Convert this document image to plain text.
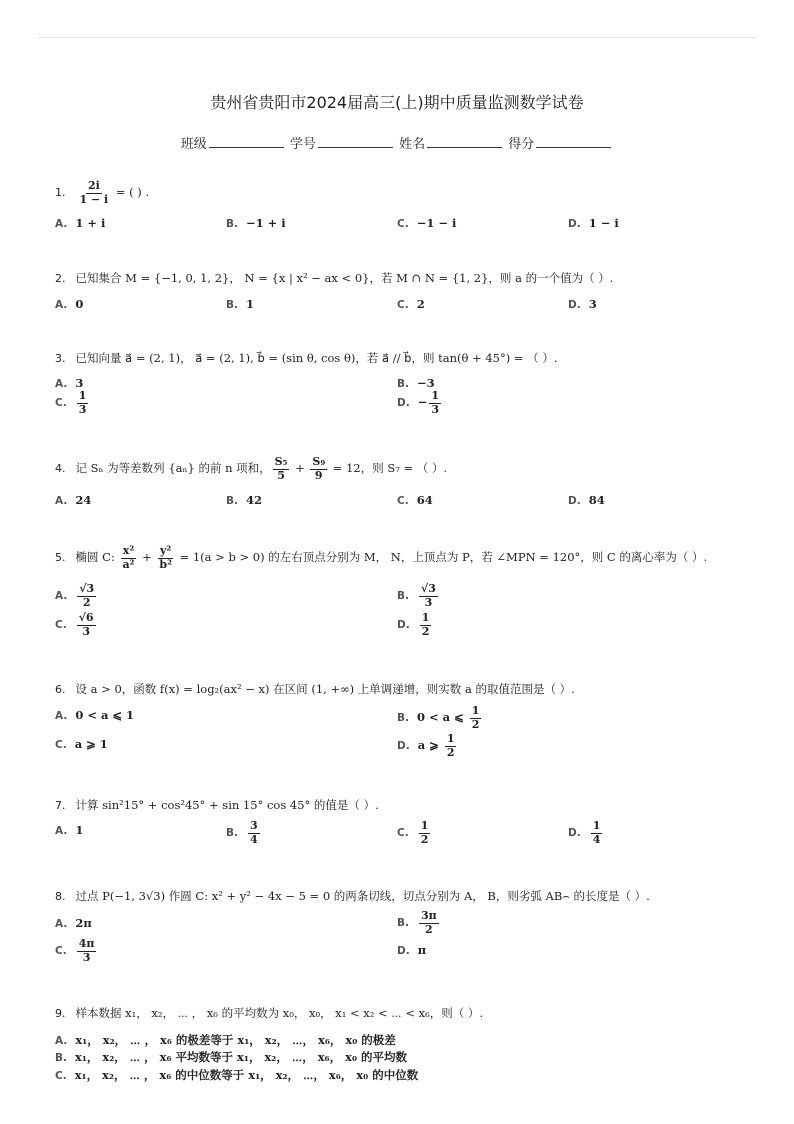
贵州省贵阳市2024届高三(上)期中质量监测数学试卷
班级	学号	姓名	得分
1. $\frac{2i}{1 - i}$ = ( ) .
A. 1 + i	B. −1 + i	C. −1 − i	D. 1 − i
2. 已知集合 M = {−1, 0, 1, 2}， N = {x | x² − ax < 0}，若 M ∩ N = {1, 2}，则 a 的一个值为（ ）.
A. 0	B. 1	C. 2	D. 3
3. 已知向量 a⃗ = (2, 1)， a⃗ = (2, 1), b⃗ = (sin θ, cos θ)，若 a⃗ // b⃗，则 tan(θ + 45°) = （ ）.
A. 3	B. −3
C. $\frac{1}{3}$	D. − $\frac{1}{3}$
4. 记 Sₙ 为等差数列 {aₙ} 的前 n 项和， $\frac{\text{S₅}}{5} + \frac{\text{S₉}}{9} = 12$，则 S₇ = （ ）.
A. 24	B. 42	C. 64	D. 84
5. 椭圆 C: $\frac{\text{x²}}{\text{a²}} + \frac{\text{y²}}{\text{b²}} = 1(a > b > 0)$ 的左右顶点分别为 M， N，上顶点为 P，若 ∠MPN = 120°，则 C 的离心率为（ ）.
A. $\frac{√3}{2}$	B. $\frac{√3}{3}$
C. $\frac{√6}{3}$	D. $\frac{1}{2}$
6. 设 a > 0，函数 f(x) = log₂(ax² − x) 在区间 (1, +∞) 上单调递增，则实数 a 的取值范围是（ ）.
A. 0 < a ⩽ 1	B. 0 < a ⩽ $\frac{1}{2}$
C. a ⩾ 1	D. a ⩾ $\frac{1}{2}$
7. 计算 sin²15° + cos²45° + sin 15° cos 45° 的值是（ ）.
A. 1	B. $\frac{3}{4}$	C. $\frac{1}{2}$	D. $\frac{1}{4}$
8. 过点 P(−1, 3√3) 作圆 C: x² + y² − 4x − 5 = 0 的两条切线，切点分别为 A， B，则劣弧 AB⌢ 的长度是（ ）.
A. 2π	B. $\frac{3\pi}{2}$
C. $\frac{4\pi}{3}$	D. π
9. 样本数据 x₁， x₂， ⋯ ， x₆ 的平均数为 x₀， x₀， x₁ < x₂ < ⋯ < x₆，则（ ）.
A. x₁， x₂， ⋯ ， x₆ 的极差等于 x₁， x₂， ⋯， x₆， x₀ 的极差
B. x₁， x₂， ⋯ ， x₆ 平均数等于 x₁， x₂， ⋯， x₆， x₀ 的平均数
C. x₁， x₂， ⋯ ， x₆ 的中位数等于 x₁， x₂， ⋯， x₆， x₀ 的中位数
